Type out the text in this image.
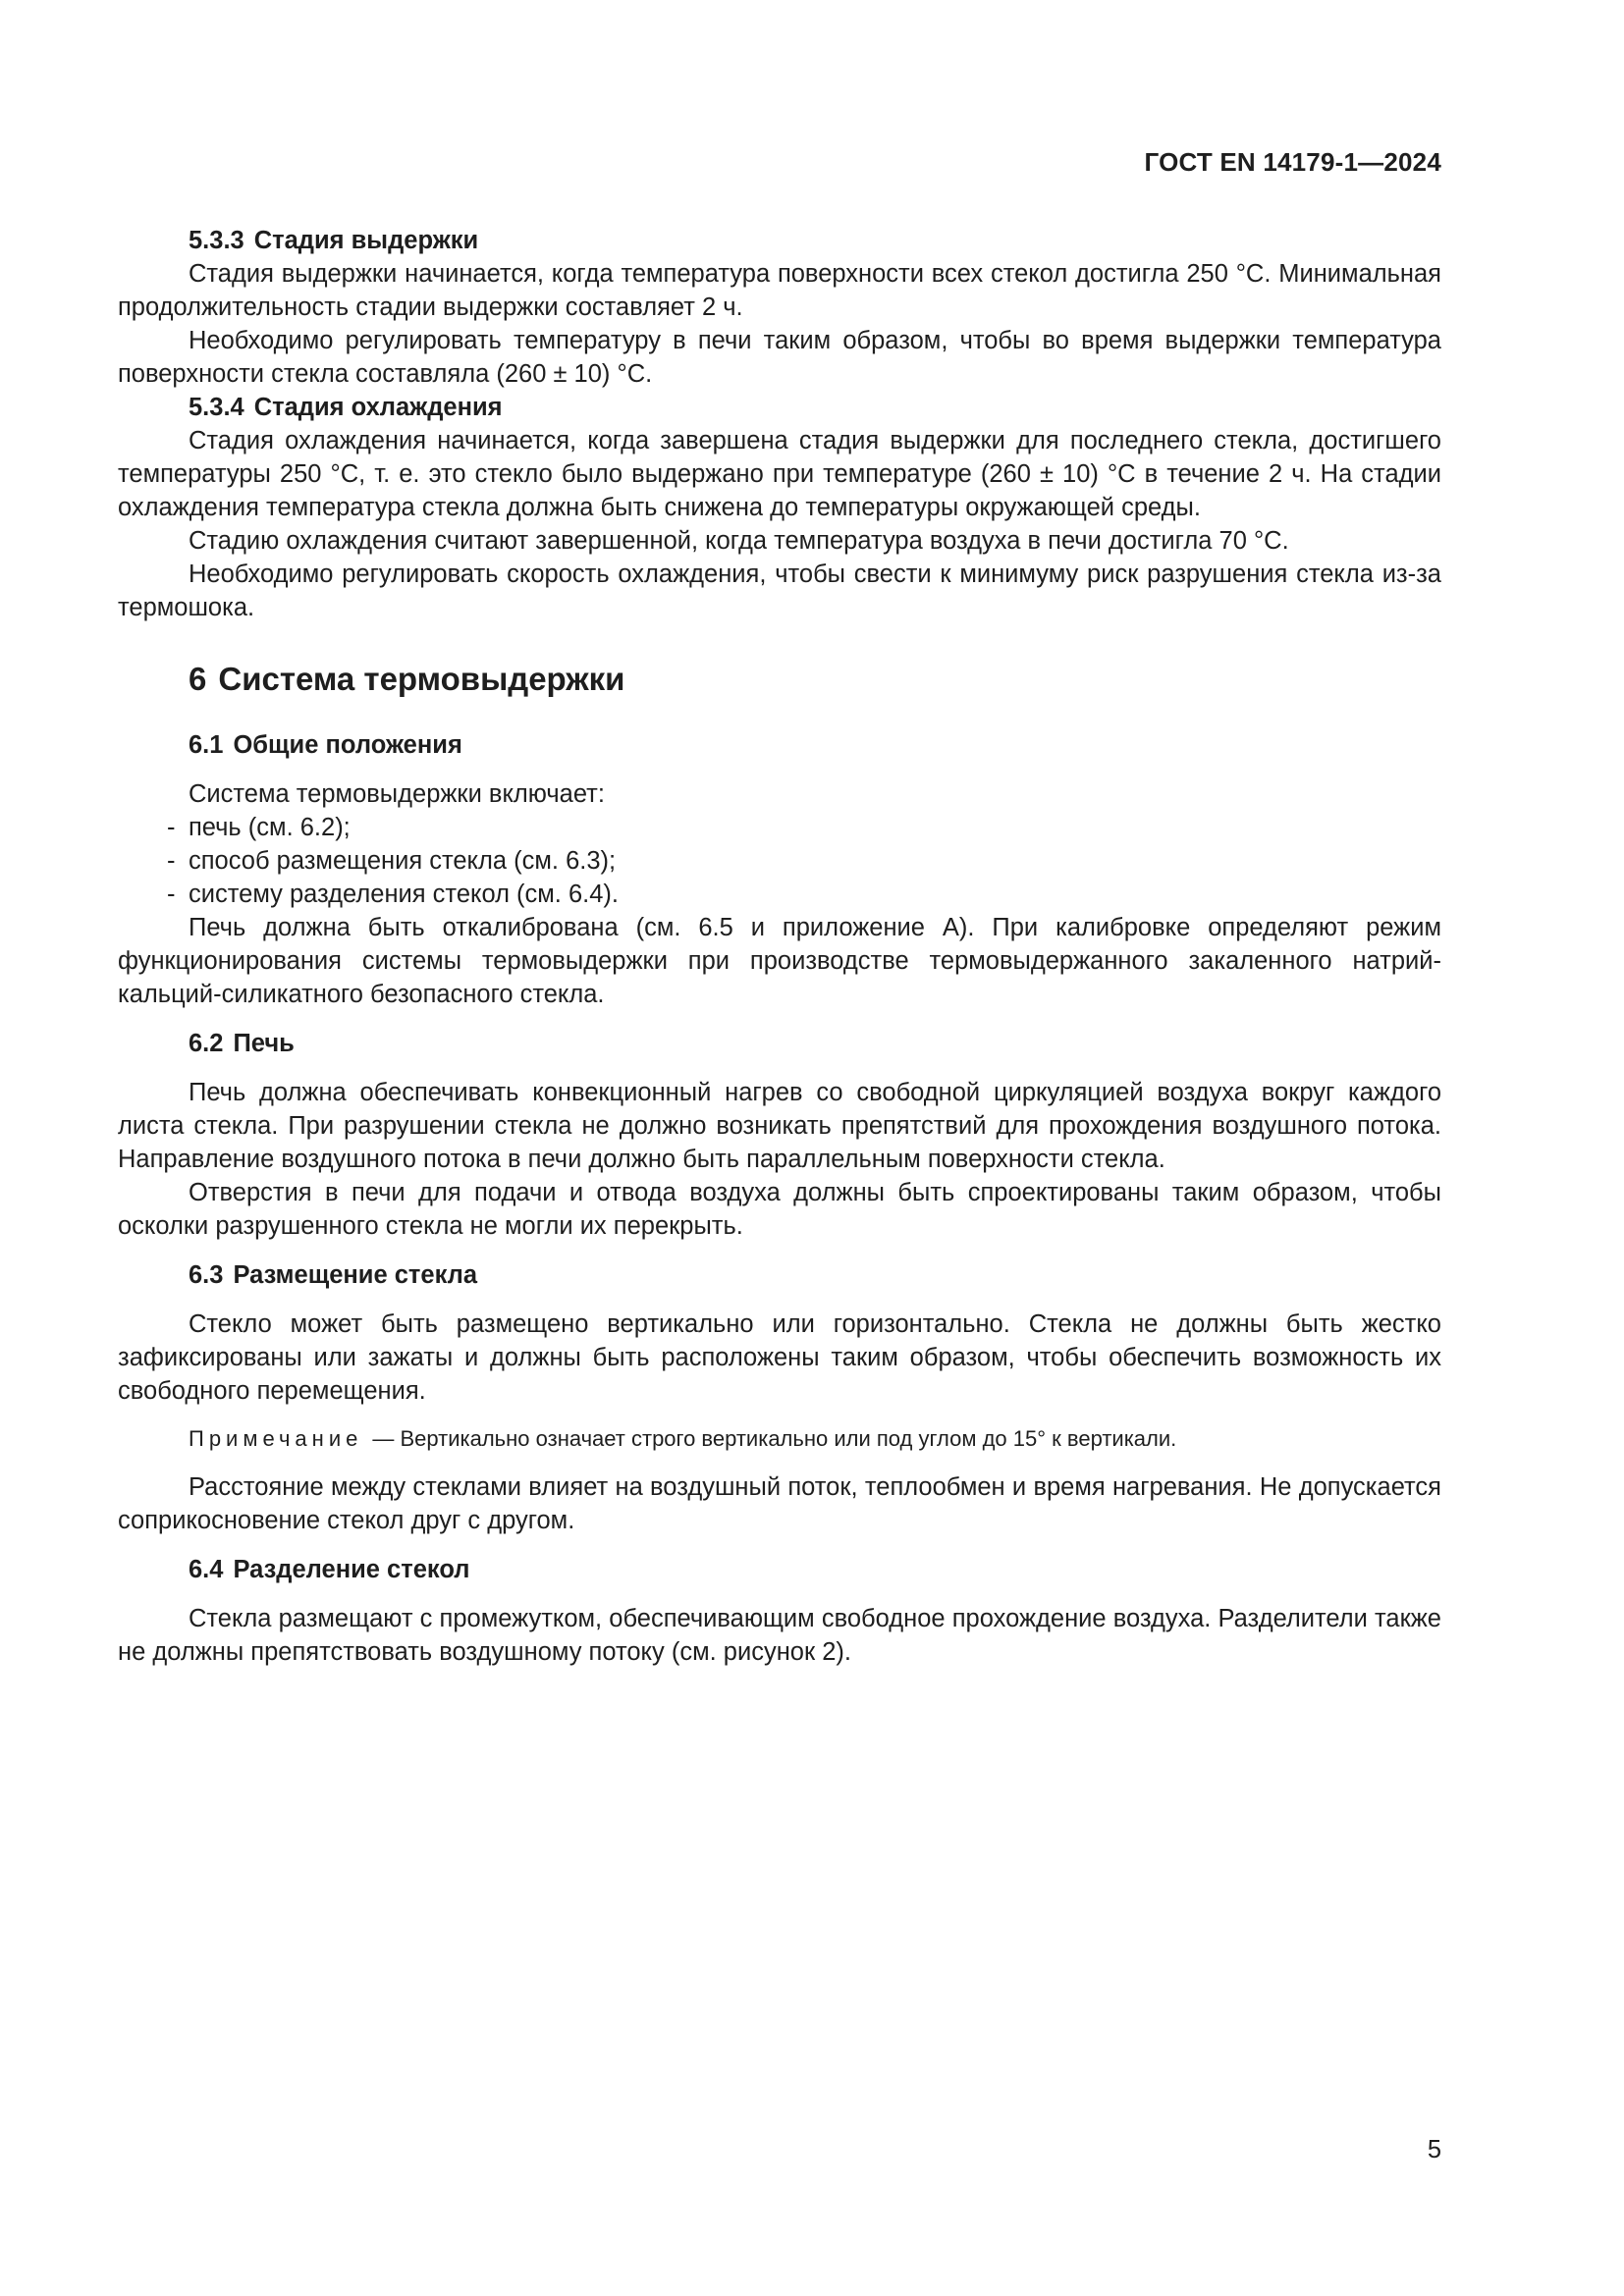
ГОСТ EN 14179-1—2024
5.3.3 Стадия выдержки

Стадия выдержки начинается, когда температура поверхности всех стекол достигла 250 °С. Минимальная продолжительность стадии выдержки составляет 2 ч.

Необходимо регулировать температуру в печи таким образом, чтобы во время выдержки температура поверхности стекла составляла (260 ± 10) °С.

5.3.4 Стадия охлаждения

Стадия охлаждения начинается, когда завершена стадия выдержки для последнего стекла, достигшего температуры 250 °С, т. е. это стекло было выдержано при температуре (260 ± 10) °С в течение 2 ч. На стадии охлаждения температура стекла должна быть снижена до температуры окружающей среды.

Стадию охлаждения считают завершенной, когда температура воздуха в печи достигла 70 °С.

Необходимо регулировать скорость охлаждения, чтобы свести к минимуму риск разрушения стекла из-за термошока.

6 Система термовыдержки
6.1 Общие положения

Система термовыдержки включает:

- печь (см. 6.2);
- способ размещения стекла (см. 6.3);
- систему разделения стекол (см. 6.4).

Печь должна быть откалибрована (см. 6.5 и приложение А). При калибровке определяют режим функционирования системы термовыдержки при производстве термовыдержанного закаленного натрий-кальций-силикатного безопасного стекла.

6.2 Печь

Печь должна обеспечивать конвекционный нагрев со свободной циркуляцией воздуха вокруг каждого листа стекла. При разрушении стекла не должно возникать препятствий для прохождения воздушного потока. Направление воздушного потока в печи должно быть параллельным поверхности стекла.

Отверстия в печи для подачи и отвода воздуха должны быть спроектированы таким образом, чтобы осколки разрушенного стекла не могли их перекрыть.

6.3 Размещение стекла

Стекло может быть размещено вертикально или горизонтально. Стекла не должны быть жестко зафиксированы или зажаты и должны быть расположены таким образом, чтобы обеспечить возможность их свободного перемещения.

Примечание — Вертикально означает строго вертикально или под углом до 15° к вертикали.

Расстояние между стеклами влияет на воздушный поток, теплообмен и время нагревания. Не допускается соприкосновение стекол друг с другом.

6.4 Разделение стекол

Стекла размещают с промежутком, обеспечивающим свободное прохождение воздуха. Разделители также не должны препятствовать воздушному потоку (см. рисунок 2).

5
